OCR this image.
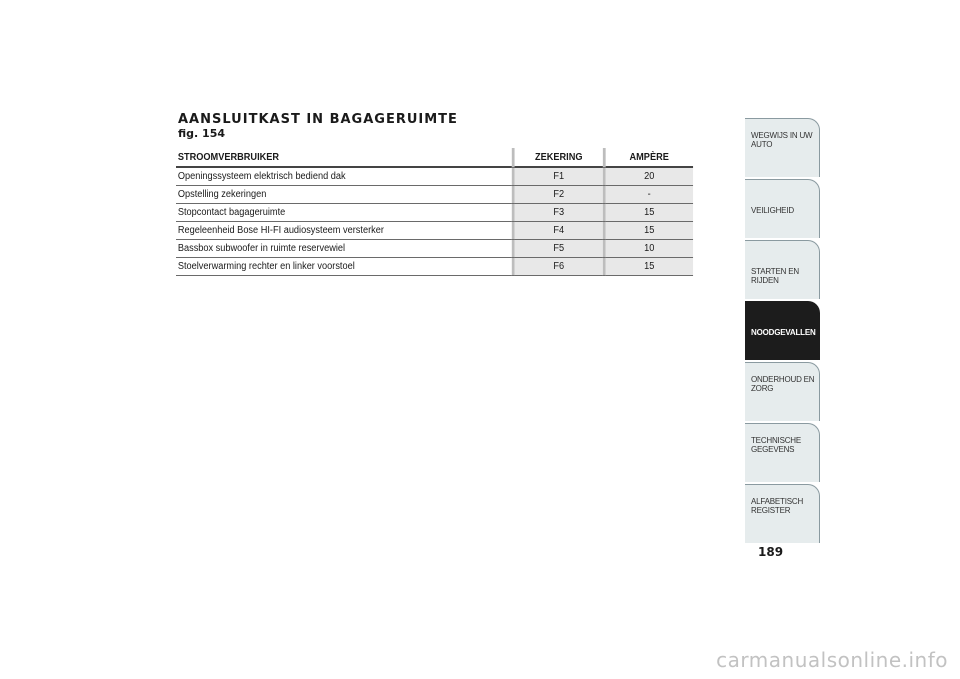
AANSLUITKAST IN BAGAGERUIMTE
fig. 154
STROOMVERBRUIKER		ZEKERING		AMPÈRE
Openingssysteem elektrisch bediend dak		F1		20
Opstelling zekeringen		F2		-
Stopcontact bagageruimte		F3		15
Regeleenheid Bose HI-FI audiosysteem versterker		F4		15
Bassbox subwoofer in ruimte reservewiel		F5		10
Stoelverwarming rechter en linker voorstoel		F6		15
WEGWIJS IN UW AUTO
VEILIGHEID
STARTEN EN RIJDEN
NOODGEVALLEN
ONDERHOUD EN ZORG
TECHNISCHE GEGEVENS
ALFABETISCH REGISTER
189
carmanualsonline.info
